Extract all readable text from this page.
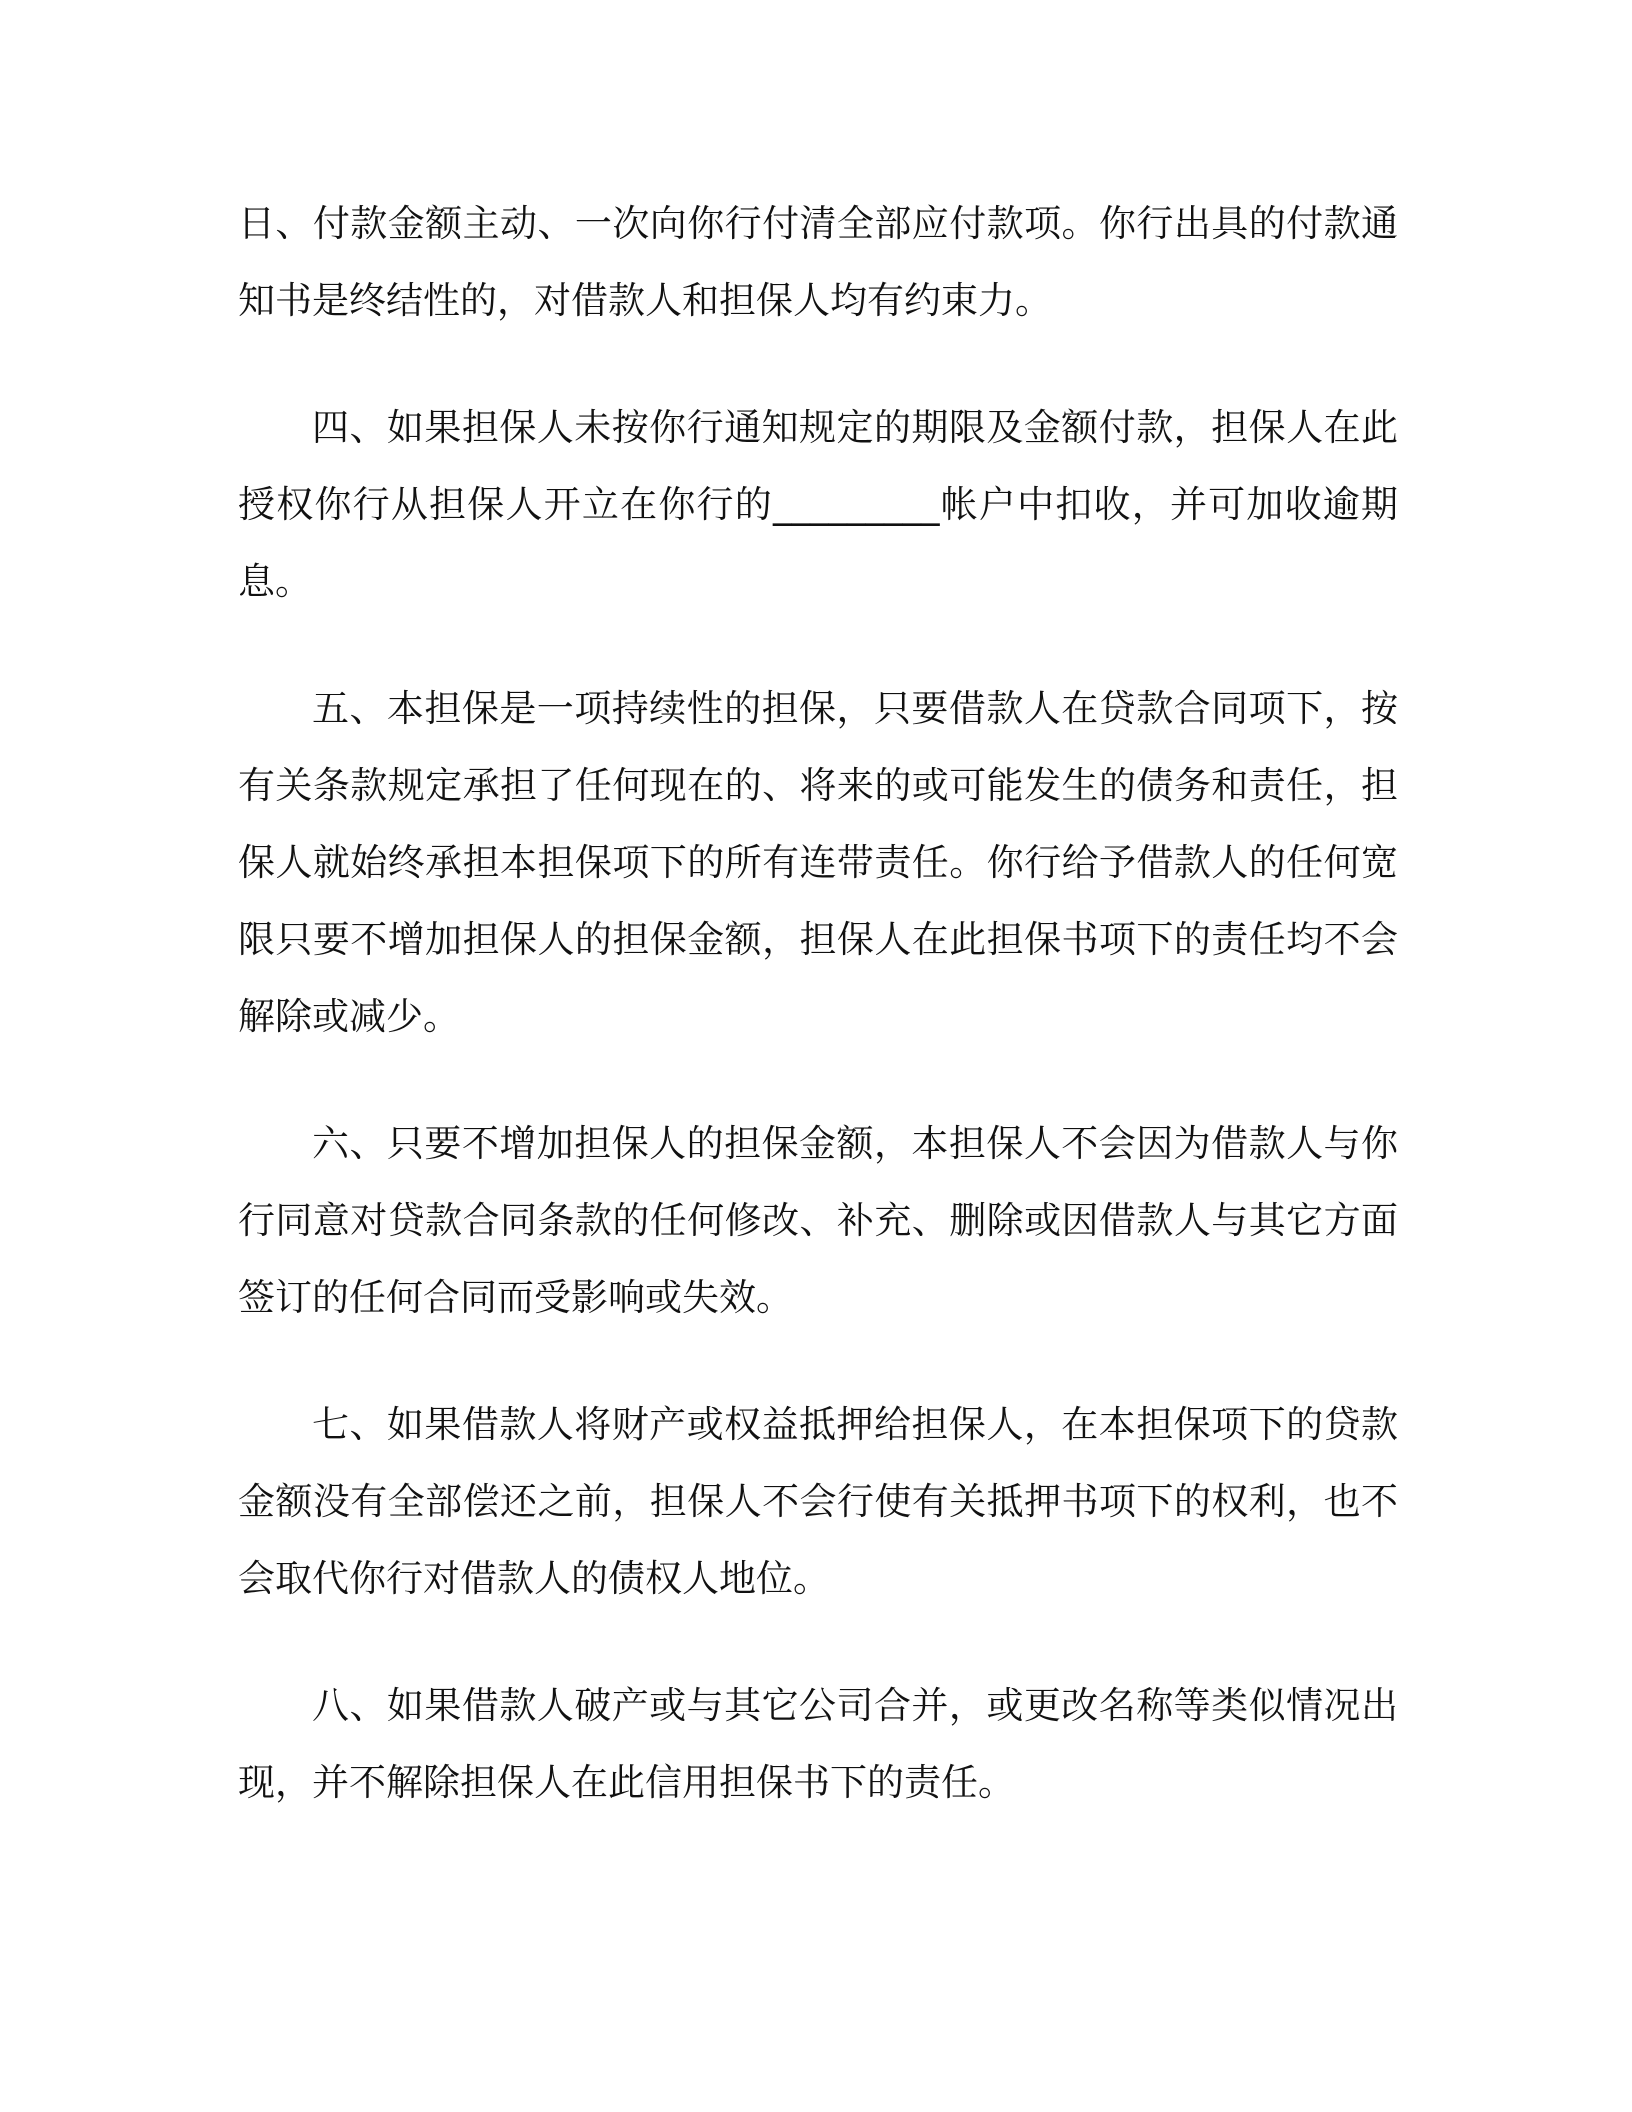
日、付款金额主动、一次向你行付清全部应付款项。你行出具的付款通知书是终结性的，对借款人和担保人均有约束力。

四、如果担保人未按你行通知规定的期限及金额付款，担保人在此授权你行从担保人开立在你行的_________帐户中扣收，并可加收逾期息。

五、本担保是一项持续性的担保，只要借款人在贷款合同项下，按有关条款规定承担了任何现在的、将来的或可能发生的债务和责任，担保人就始终承担本担保项下的所有连带责任。你行给予借款人的任何宽限只要不增加担保人的担保金额，担保人在此担保书项下的责任均不会解除或减少。

六、只要不增加担保人的担保金额，本担保人不会因为借款人与你行同意对贷款合同条款的任何修改、补充、删除或因借款人与其它方面签订的任何合同而受影响或失效。

七、如果借款人将财产或权益抵押给担保人，在本担保项下的贷款金额没有全部偿还之前，担保人不会行使有关抵押书项下的权利，也不会取代你行对借款人的债权人地位。

八、如果借款人破产或与其它公司合并，或更改名称等类似情况出现，并不解除担保人在此信用担保书下的责任。
